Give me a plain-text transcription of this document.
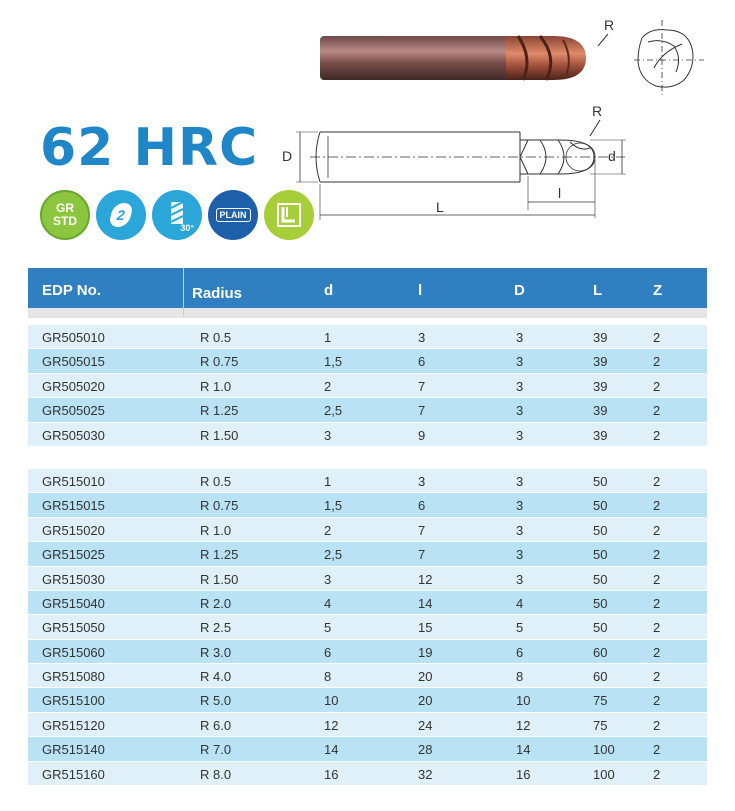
R
62 HRC
R
D	d
l
L
GR
STD	2
30°
PLAIN
EDP No.	Radius	d	l	D	L	Z
GR505010	R 0.5	1	3	3	39	2
GR505015	R 0.75	1,5	6	3	39	2
GR505020	R 1.0	2	7	3	39	2
GR505025	R 1.25	2,5	7	3	39	2
GR505030	R 1.50	3	9	3	39	2
GR515010	R 0.5	1	3	3	50	2
GR515015	R 0.75	1,5	6	3	50	2
GR515020	R 1.0	2	7	3	50	2
GR515025	R 1.25	2,5	7	3	50	2
GR515030	R 1.50	3	12	3	50	2
GR515040	R 2.0	4	14	4	50	2
GR515050	R 2.5	5	15	5	50	2
GR515060	R 3.0	6	19	6	60	2
GR515080	R 4.0	8	20	8	60	2
GR515100	R 5.0	10	20	10	75	2
GR515120	R 6.0	12	24	12	75	2
GR515140	R 7.0	14	28	14	100	2
GR515160	R 8.0	16	32	16	100	2
